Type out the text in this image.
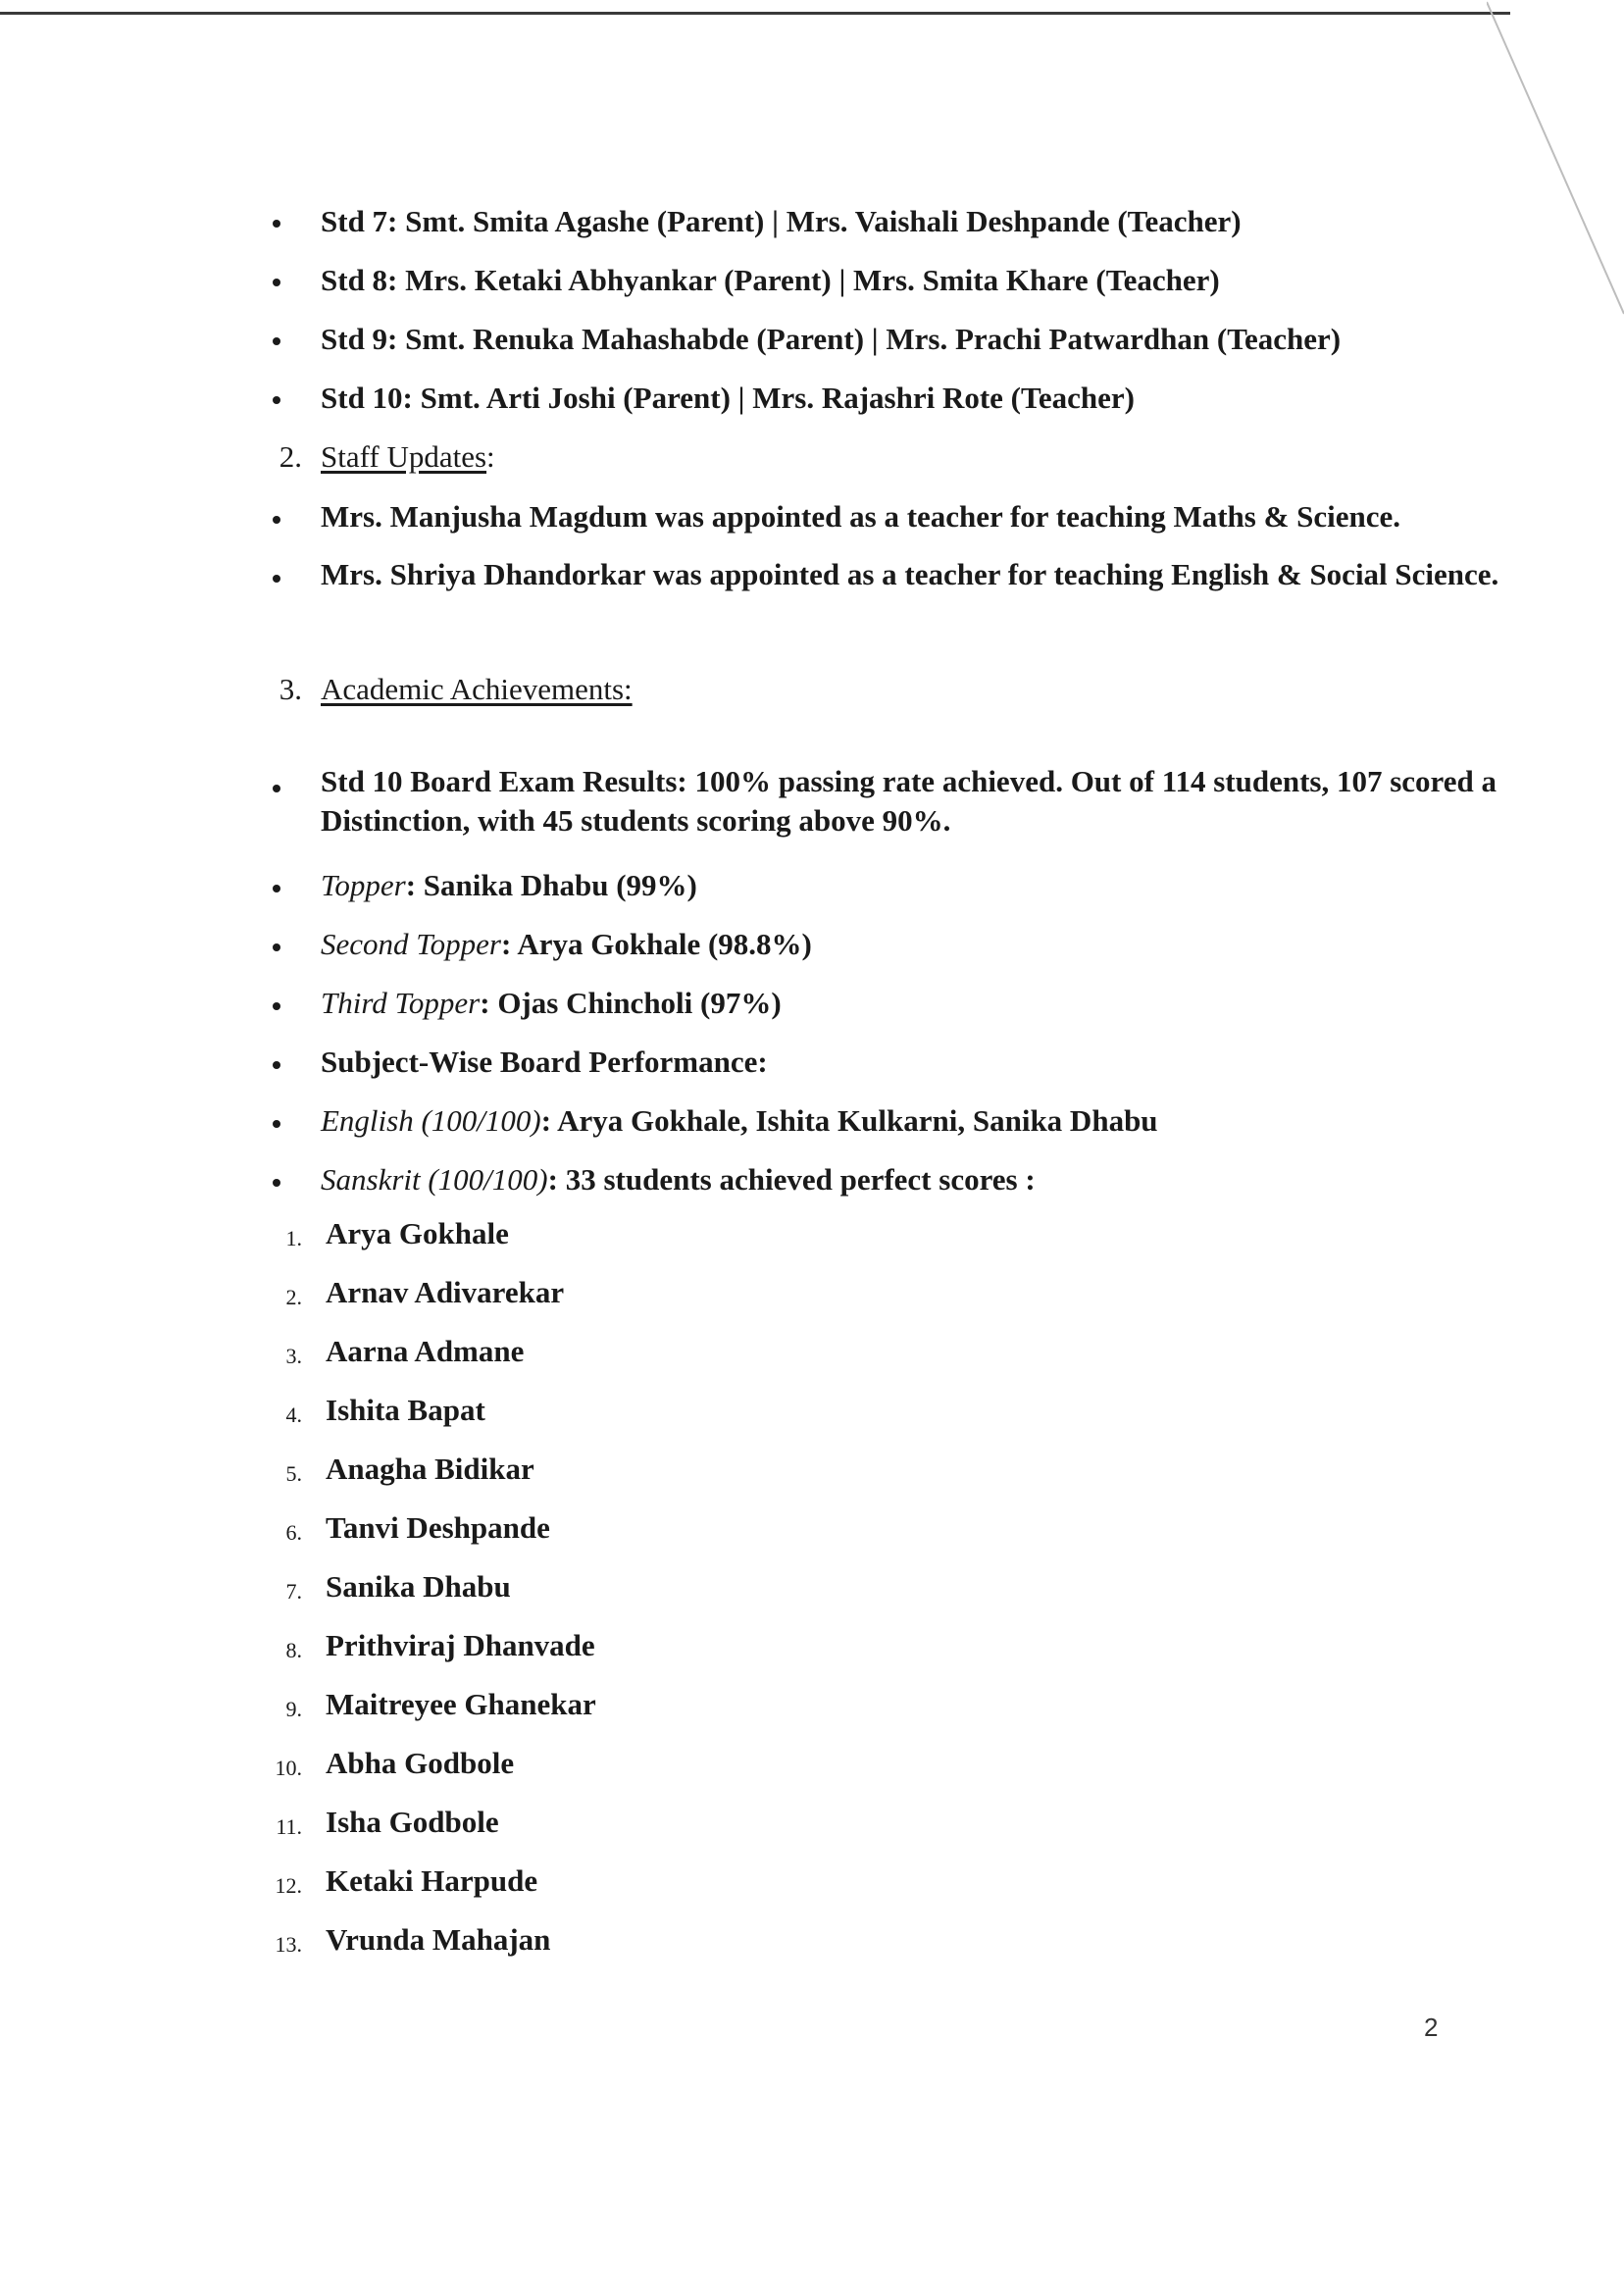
Std 7: Smt. Smita Agashe (Parent) | Mrs. Vaishali Deshpande (Teacher)
Std 8: Mrs. Ketaki Abhyankar (Parent) | Mrs. Smita Khare (Teacher)
Std 9: Smt. Renuka Mahashabde (Parent) | Mrs. Prachi Patwardhan (Teacher)
Std 10: Smt. Arti Joshi (Parent) | Mrs. Rajashri Rote (Teacher)
2. Staff Updates:
Mrs. Manjusha Magdum was appointed as a teacher for teaching Maths & Science.
Mrs. Shriya Dhandorkar was appointed as a teacher for teaching English & Social Science.
3. Academic Achievements:
Std 10 Board Exam Results: 100% passing rate achieved. Out of 114 students, 107 scored a Distinction, with 45 students scoring above 90%.
Topper: Sanika Dhabu (99%)
Second Topper: Arya Gokhale (98.8%)
Third Topper: Ojas Chincholi (97%)
Subject-Wise Board Performance:
English (100/100): Arya Gokhale, Ishita Kulkarni, Sanika Dhabu
Sanskrit (100/100): 33 students achieved perfect scores :
1. Arya Gokhale
2. Arnav Adivarekar
3. Aarna Admane
4. Ishita Bapat
5. Anagha Bidikar
6. Tanvi Deshpande
7. Sanika Dhabu
8. Prithviraj Dhanvade
9. Maitreyee Ghanekar
10. Abha Godbole
11. Isha Godbole
12. Ketaki Harpude
13. Vrunda Mahajan
2
